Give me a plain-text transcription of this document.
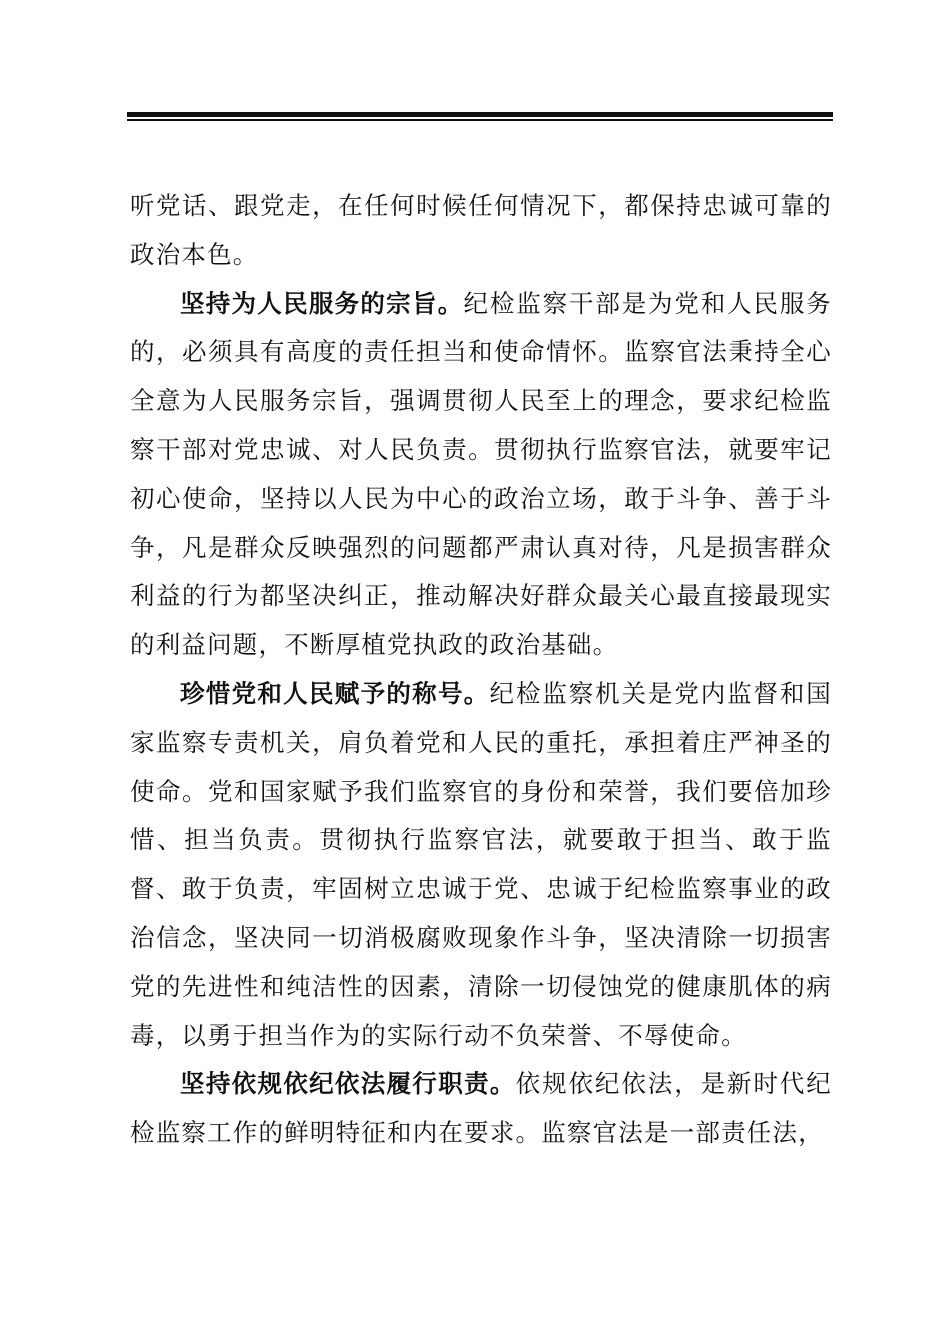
听党话、跟党走，在任何时候任何情况下，都保持忠诚可靠的政治本色。

坚持为人民服务的宗旨。纪检监察干部是为党和人民服务的，必须具有高度的责任担当和使命情怀。监察官法秉持全心全意为人民服务宗旨，强调贯彻人民至上的理念，要求纪检监察干部对党忠诚、对人民负责。贯彻执行监察官法，就要牢记初心使命，坚持以人民为中心的政治立场，敢于斗争、善于斗争，凡是群众反映强烈的问题都严肃认真对待，凡是损害群众利益的行为都坚决纠正，推动解决好群众最关心最直接最现实的利益问题，不断厚植党执政的政治基础。

珍惜党和人民赋予的称号。纪检监察机关是党内监督和国家监察专责机关，肩负着党和人民的重托，承担着庄严神圣的使命。党和国家赋予我们监察官的身份和荣誉，我们要倍加珍惜、担当负责。贯彻执行监察官法，就要敢于担当、敢于监督、敢于负责，牢固树立忠诚于党、忠诚于纪检监察事业的政治信念，坚决同一切消极腐败现象作斗争，坚决清除一切损害党的先进性和纯洁性的因素，清除一切侵蚀党的健康肌体的病毒，以勇于担当作为的实际行动不负荣誉、不辱使命。

坚持依规依纪依法履行职责。依规依纪依法，是新时代纪检监察工作的鲜明特征和内在要求。监察官法是一部责任法，
